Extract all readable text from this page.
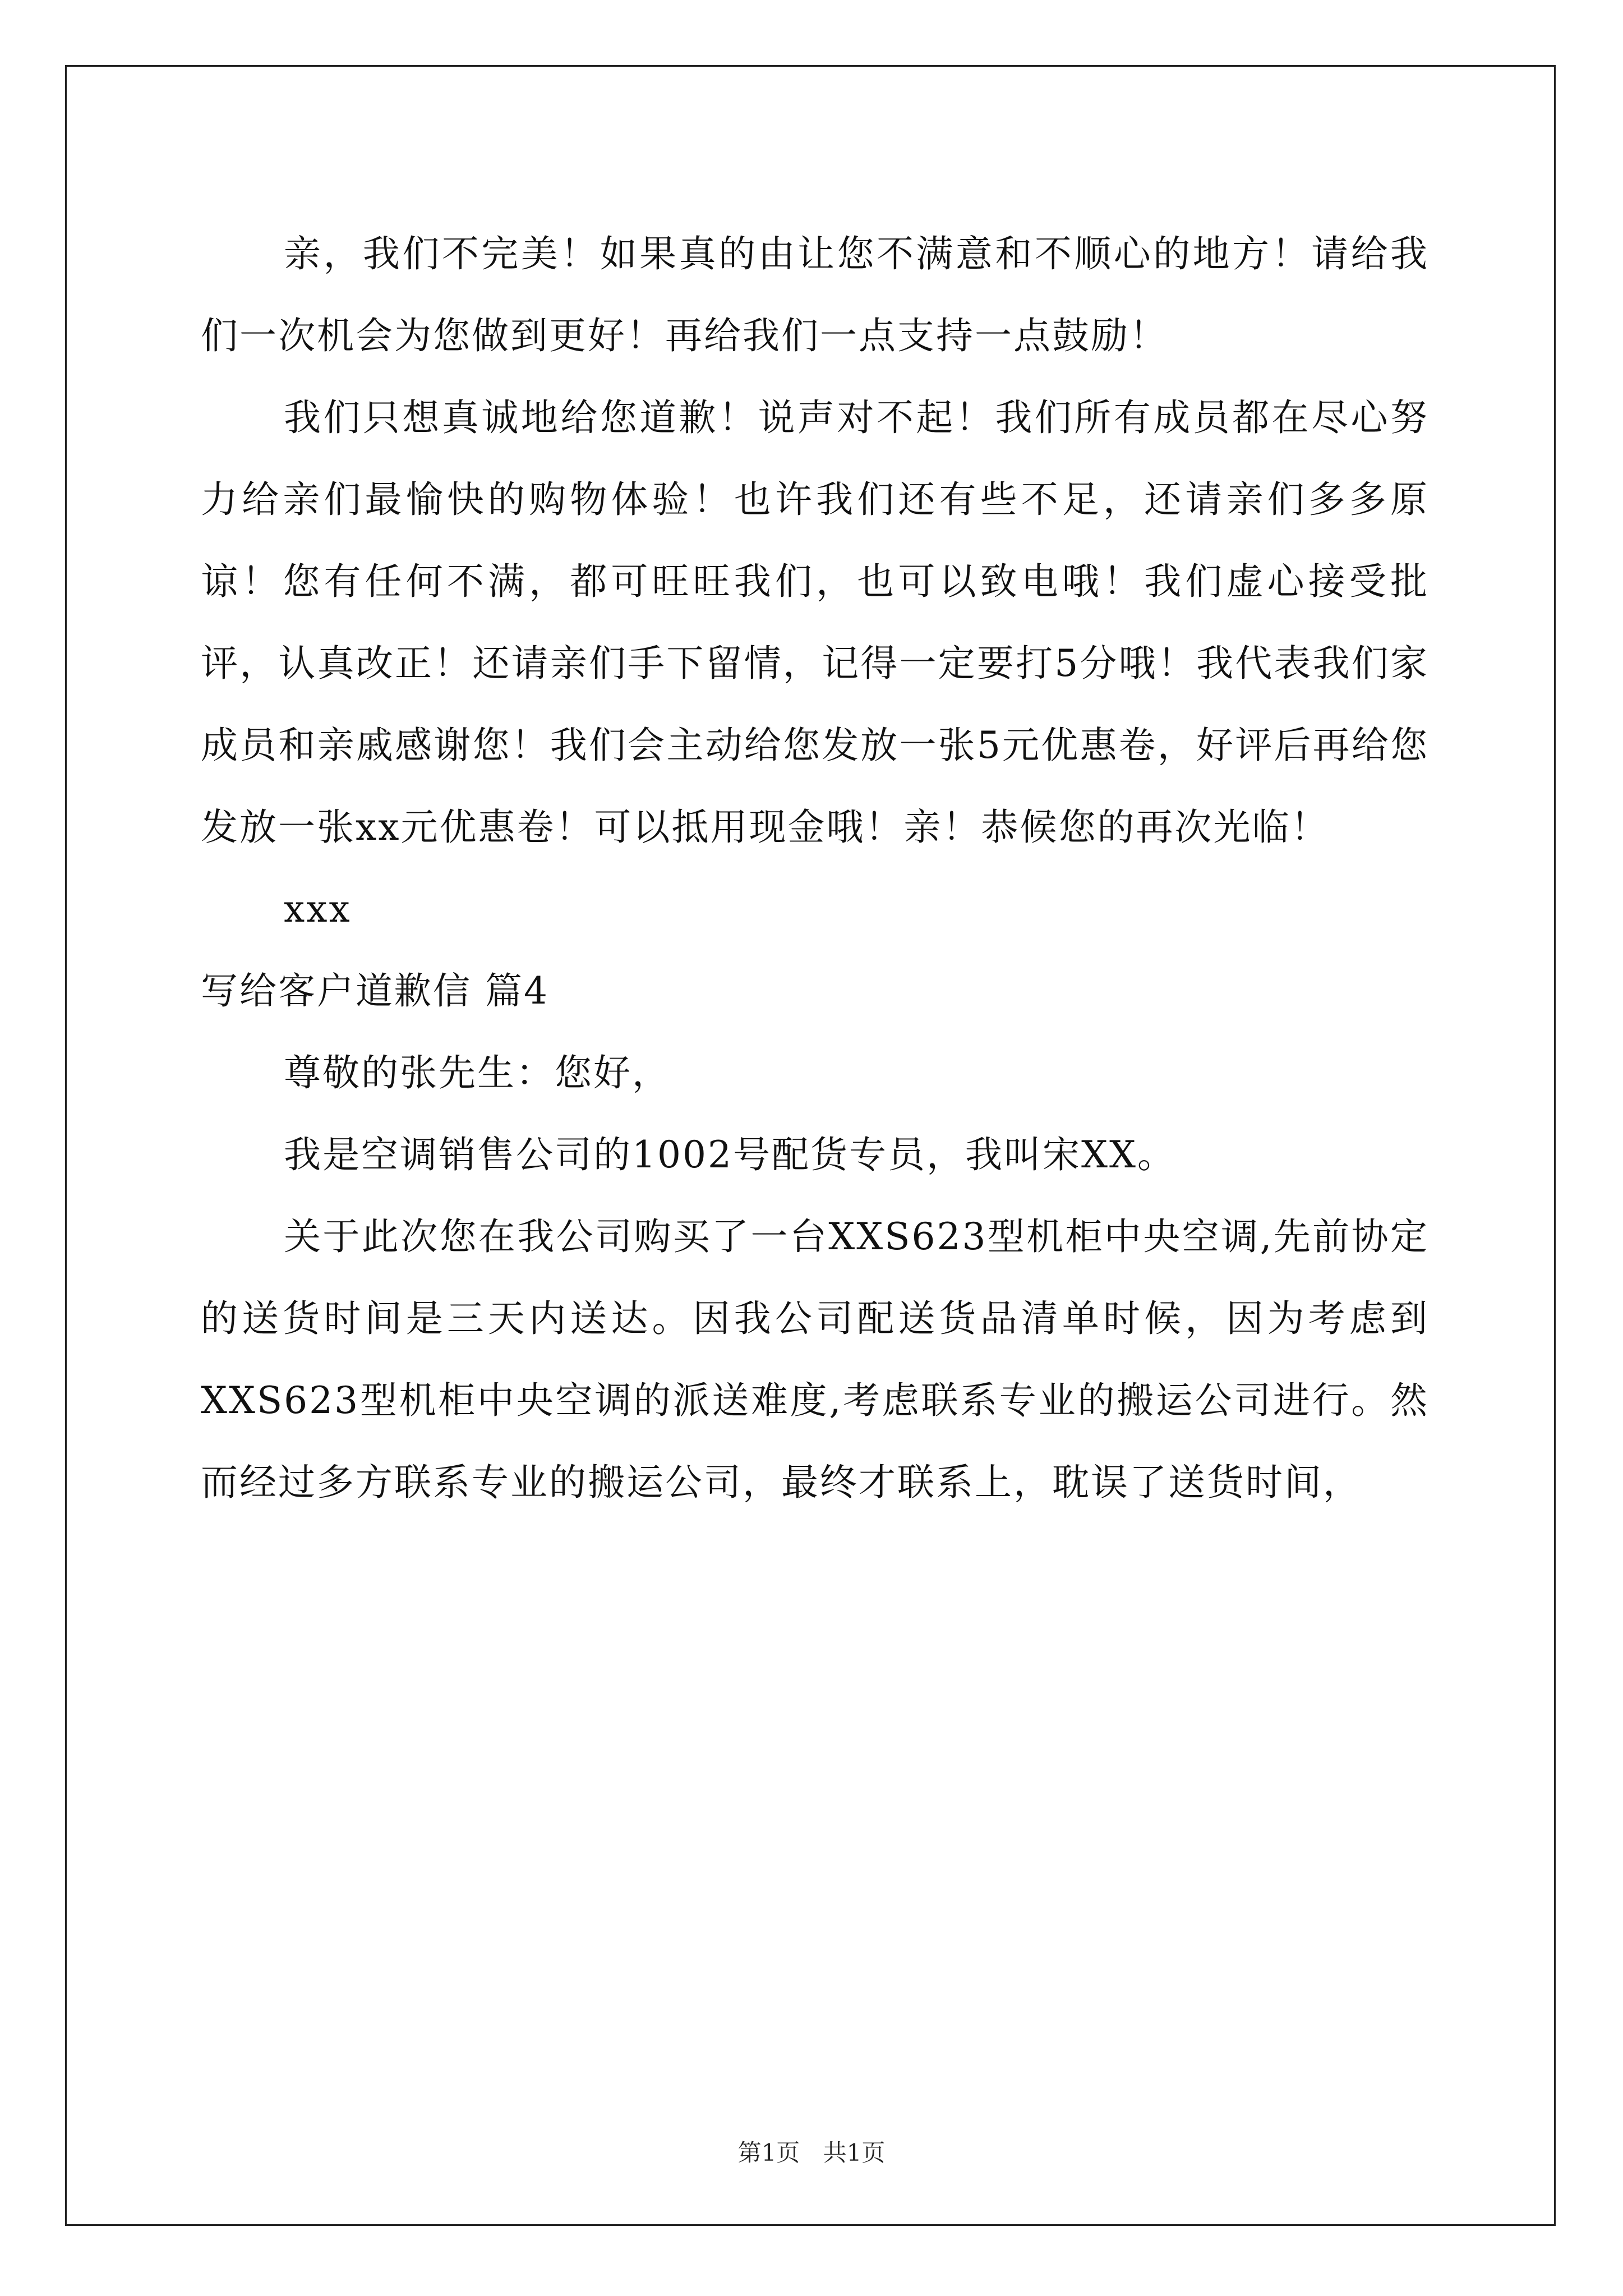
亲，我们不完美！如果真的由让您不满意和不顺心的地方！请给我们一次机会为您做到更好！再给我们一点支持一点鼓励！

我们只想真诚地给您道歉！说声对不起！我们所有成员都在尽心努力给亲们最愉快的购物体验！也许我们还有些不足，还请亲们多多原谅！您有任何不满，都可旺旺我们，也可以致电哦！我们虚心接受批评，认真改正！还请亲们手下留情，记得一定要打5分哦！我代表我们家成员和亲戚感谢您！我们会主动给您发放一张5元优惠卷，好评后再给您发放一张xx元优惠卷！可以抵用现金哦！亲！恭候您的再次光临！

xxx

写给客户道歉信 篇4

尊敬的张先生：您好，

我是空调销售公司的1002号配货专员，我叫宋XX。

关于此次您在我公司购买了一台XXS623型机柜中央空调,先前协定的送货时间是三天内送达。因我公司配送货品清单时候，因为考虑到XXS623型机柜中央空调的派送难度,考虑联系专业的搬运公司进行。然而经过多方联系专业的搬运公司，最终才联系上，耽误了送货时间，

第1页 共1页
